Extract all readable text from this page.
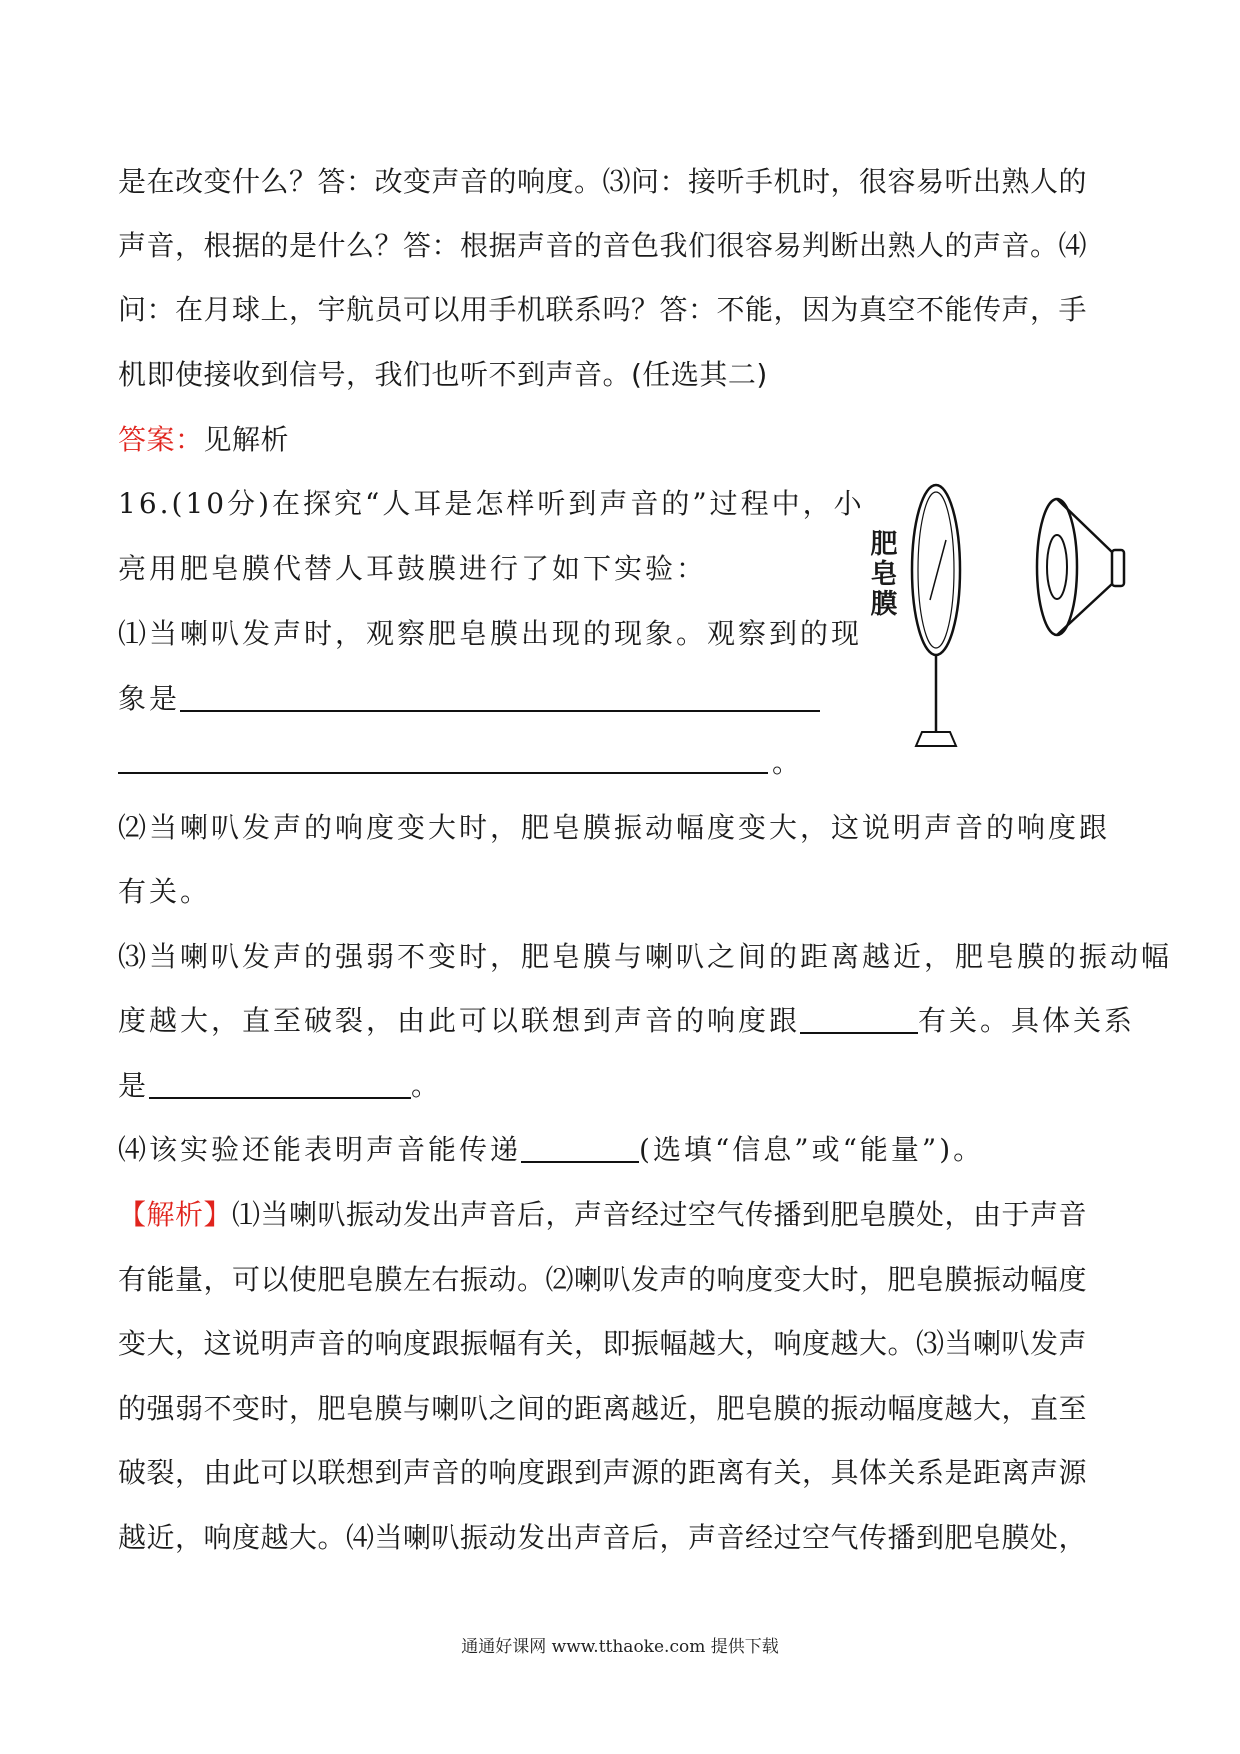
是在改变什么？答：改变声音的响度。⑶问：接听手机时，很容易听出熟人的
声音，根据的是什么？答：根据声音的音色我们很容易判断出熟人的声音。⑷
问：在月球上，宇航员可以用手机联系吗？答：不能，因为真空不能传声，手
机即使接收到信号，我们也听不到声音。(任选其二)
答案：见解析
16.(10分)在探究“人耳是怎样听到声音的”过程中，小
亮用肥皂膜代替人耳鼓膜进行了如下实验：
⑴当喇叭发声时，观察肥皂膜出现的现象。观察到的现
象是
。
⑵当喇叭发声的响度变大时，肥皂膜振动幅度变大，这说明声音的响度跟
有关。
⑶当喇叭发声的强弱不变时，肥皂膜与喇叭之间的距离越近，肥皂膜的振动幅
度越大，直至破裂，由此可以联想到声音的响度跟	有关。具体关系
是	。
⑷该实验还能表明声音能传递	(选填“信息”或“能量”)。
【解析】⑴当喇叭振动发出声音后，声音经过空气传播到肥皂膜处，由于声音
有能量，可以使肥皂膜左右振动。⑵喇叭发声的响度变大时，肥皂膜振动幅度
变大，这说明声音的响度跟振幅有关，即振幅越大，响度越大。⑶当喇叭发声
的强弱不变时，肥皂膜与喇叭之间的距离越近，肥皂膜的振动幅度越大，直至
破裂，由此可以联想到声音的响度跟到声源的距离有关，具体关系是距离声源
越近，响度越大。⑷当喇叭振动发出声音后，声音经过空气传播到肥皂膜处，
肥
皂
膜
通通好课网 www.tthaoke.com 提供下载
